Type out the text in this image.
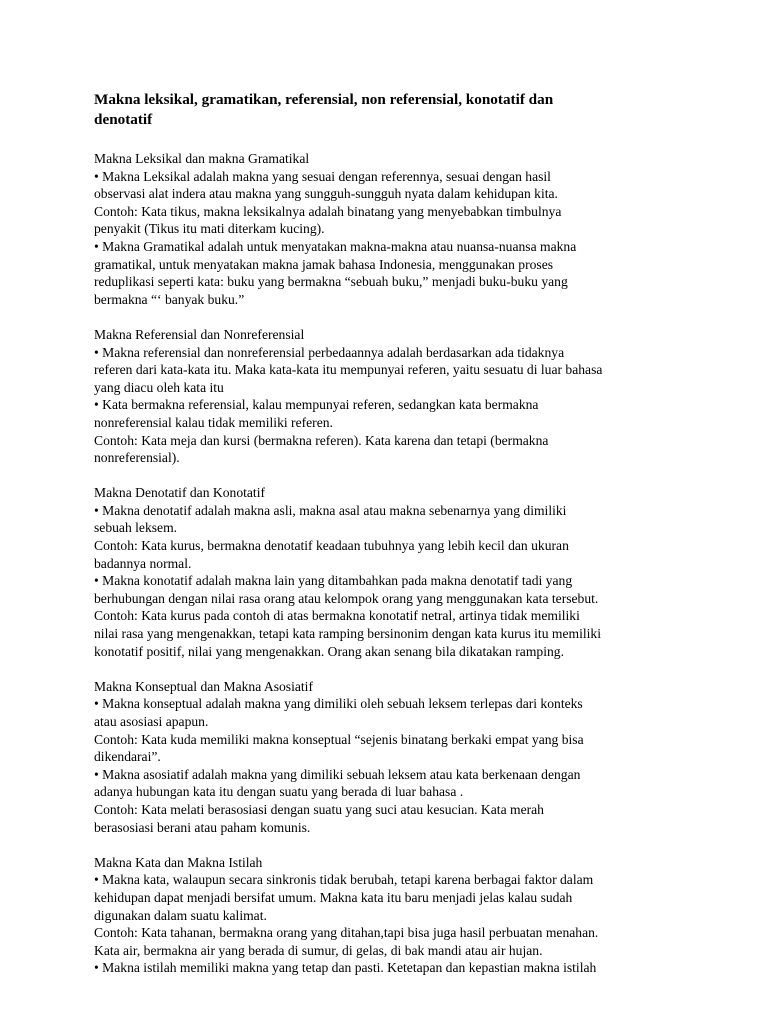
Makna leksikal, gramatikan, referensial, non referensial, konotatif dan
denotatif
Makna Leksikal dan makna Gramatikal
• Makna Leksikal adalah makna yang sesuai dengan referennya, sesuai dengan hasil
observasi alat indera atau makna yang sungguh-sungguh nyata dalam kehidupan kita.
Contoh: Kata tikus, makna leksikalnya adalah binatang yang menyebabkan timbulnya
penyakit (Tikus itu mati diterkam kucing).
• Makna Gramatikal adalah untuk menyatakan makna-makna atau nuansa-nuansa makna
gramatikal, untuk menyatakan makna jamak bahasa Indonesia, menggunakan proses
reduplikasi seperti kata: buku yang bermakna “sebuah buku,” menjadi buku-buku yang
bermakna “‘ banyak buku.”
Makna Referensial dan Nonreferensial
• Makna referensial dan nonreferensial perbedaannya adalah berdasarkan ada tidaknya
referen dari kata-kata itu. Maka kata-kata itu mempunyai referen, yaitu sesuatu di luar bahasa
yang diacu oleh kata itu
• Kata bermakna referensial, kalau mempunyai referen, sedangkan kata bermakna
nonreferensial kalau tidak memiliki referen.
Contoh: Kata meja dan kursi (bermakna referen). Kata karena dan tetapi (bermakna
nonreferensial).
Makna Denotatif dan Konotatif
• Makna denotatif adalah makna asli, makna asal atau makna sebenarnya yang dimiliki
sebuah leksem.
Contoh: Kata kurus, bermakna denotatif keadaan tubuhnya yang lebih kecil dan ukuran
badannya normal.
• Makna konotatif adalah makna lain yang ditambahkan pada makna denotatif tadi yang
berhubungan dengan nilai rasa orang atau kelompok orang yang menggunakan kata tersebut.
Contoh: Kata kurus pada contoh di atas bermakna konotatif netral, artinya tidak memiliki
nilai rasa yang mengenakkan, tetapi kata ramping bersinonim dengan kata kurus itu memiliki
konotatif positif, nilai yang mengenakkan. Orang akan senang bila dikatakan ramping.
Makna Konseptual dan Makna Asosiatif
• Makna konseptual adalah makna yang dimiliki oleh sebuah leksem terlepas dari konteks
atau asosiasi apapun.
Contoh: Kata kuda memiliki makna konseptual “sejenis binatang berkaki empat yang bisa
dikendarai”.
• Makna asosiatif adalah makna yang dimiliki sebuah leksem atau kata berkenaan dengan
adanya hubungan kata itu dengan suatu yang berada di luar bahasa .
Contoh: Kata melati berasosiasi dengan suatu yang suci atau kesucian. Kata merah
berasosiasi berani atau paham komunis.
Makna Kata dan Makna Istilah
• Makna kata, walaupun secara sinkronis tidak berubah, tetapi karena berbagai faktor dalam
kehidupan dapat menjadi bersifat umum. Makna kata itu baru menjadi jelas kalau sudah
digunakan dalam suatu kalimat.
Contoh: Kata tahanan, bermakna orang yang ditahan,tapi bisa juga hasil perbuatan menahan.
Kata air, bermakna air yang berada di sumur, di gelas, di bak mandi atau air hujan.
• Makna istilah memiliki makna yang tetap dan pasti. Ketetapan dan kepastian makna istilah
